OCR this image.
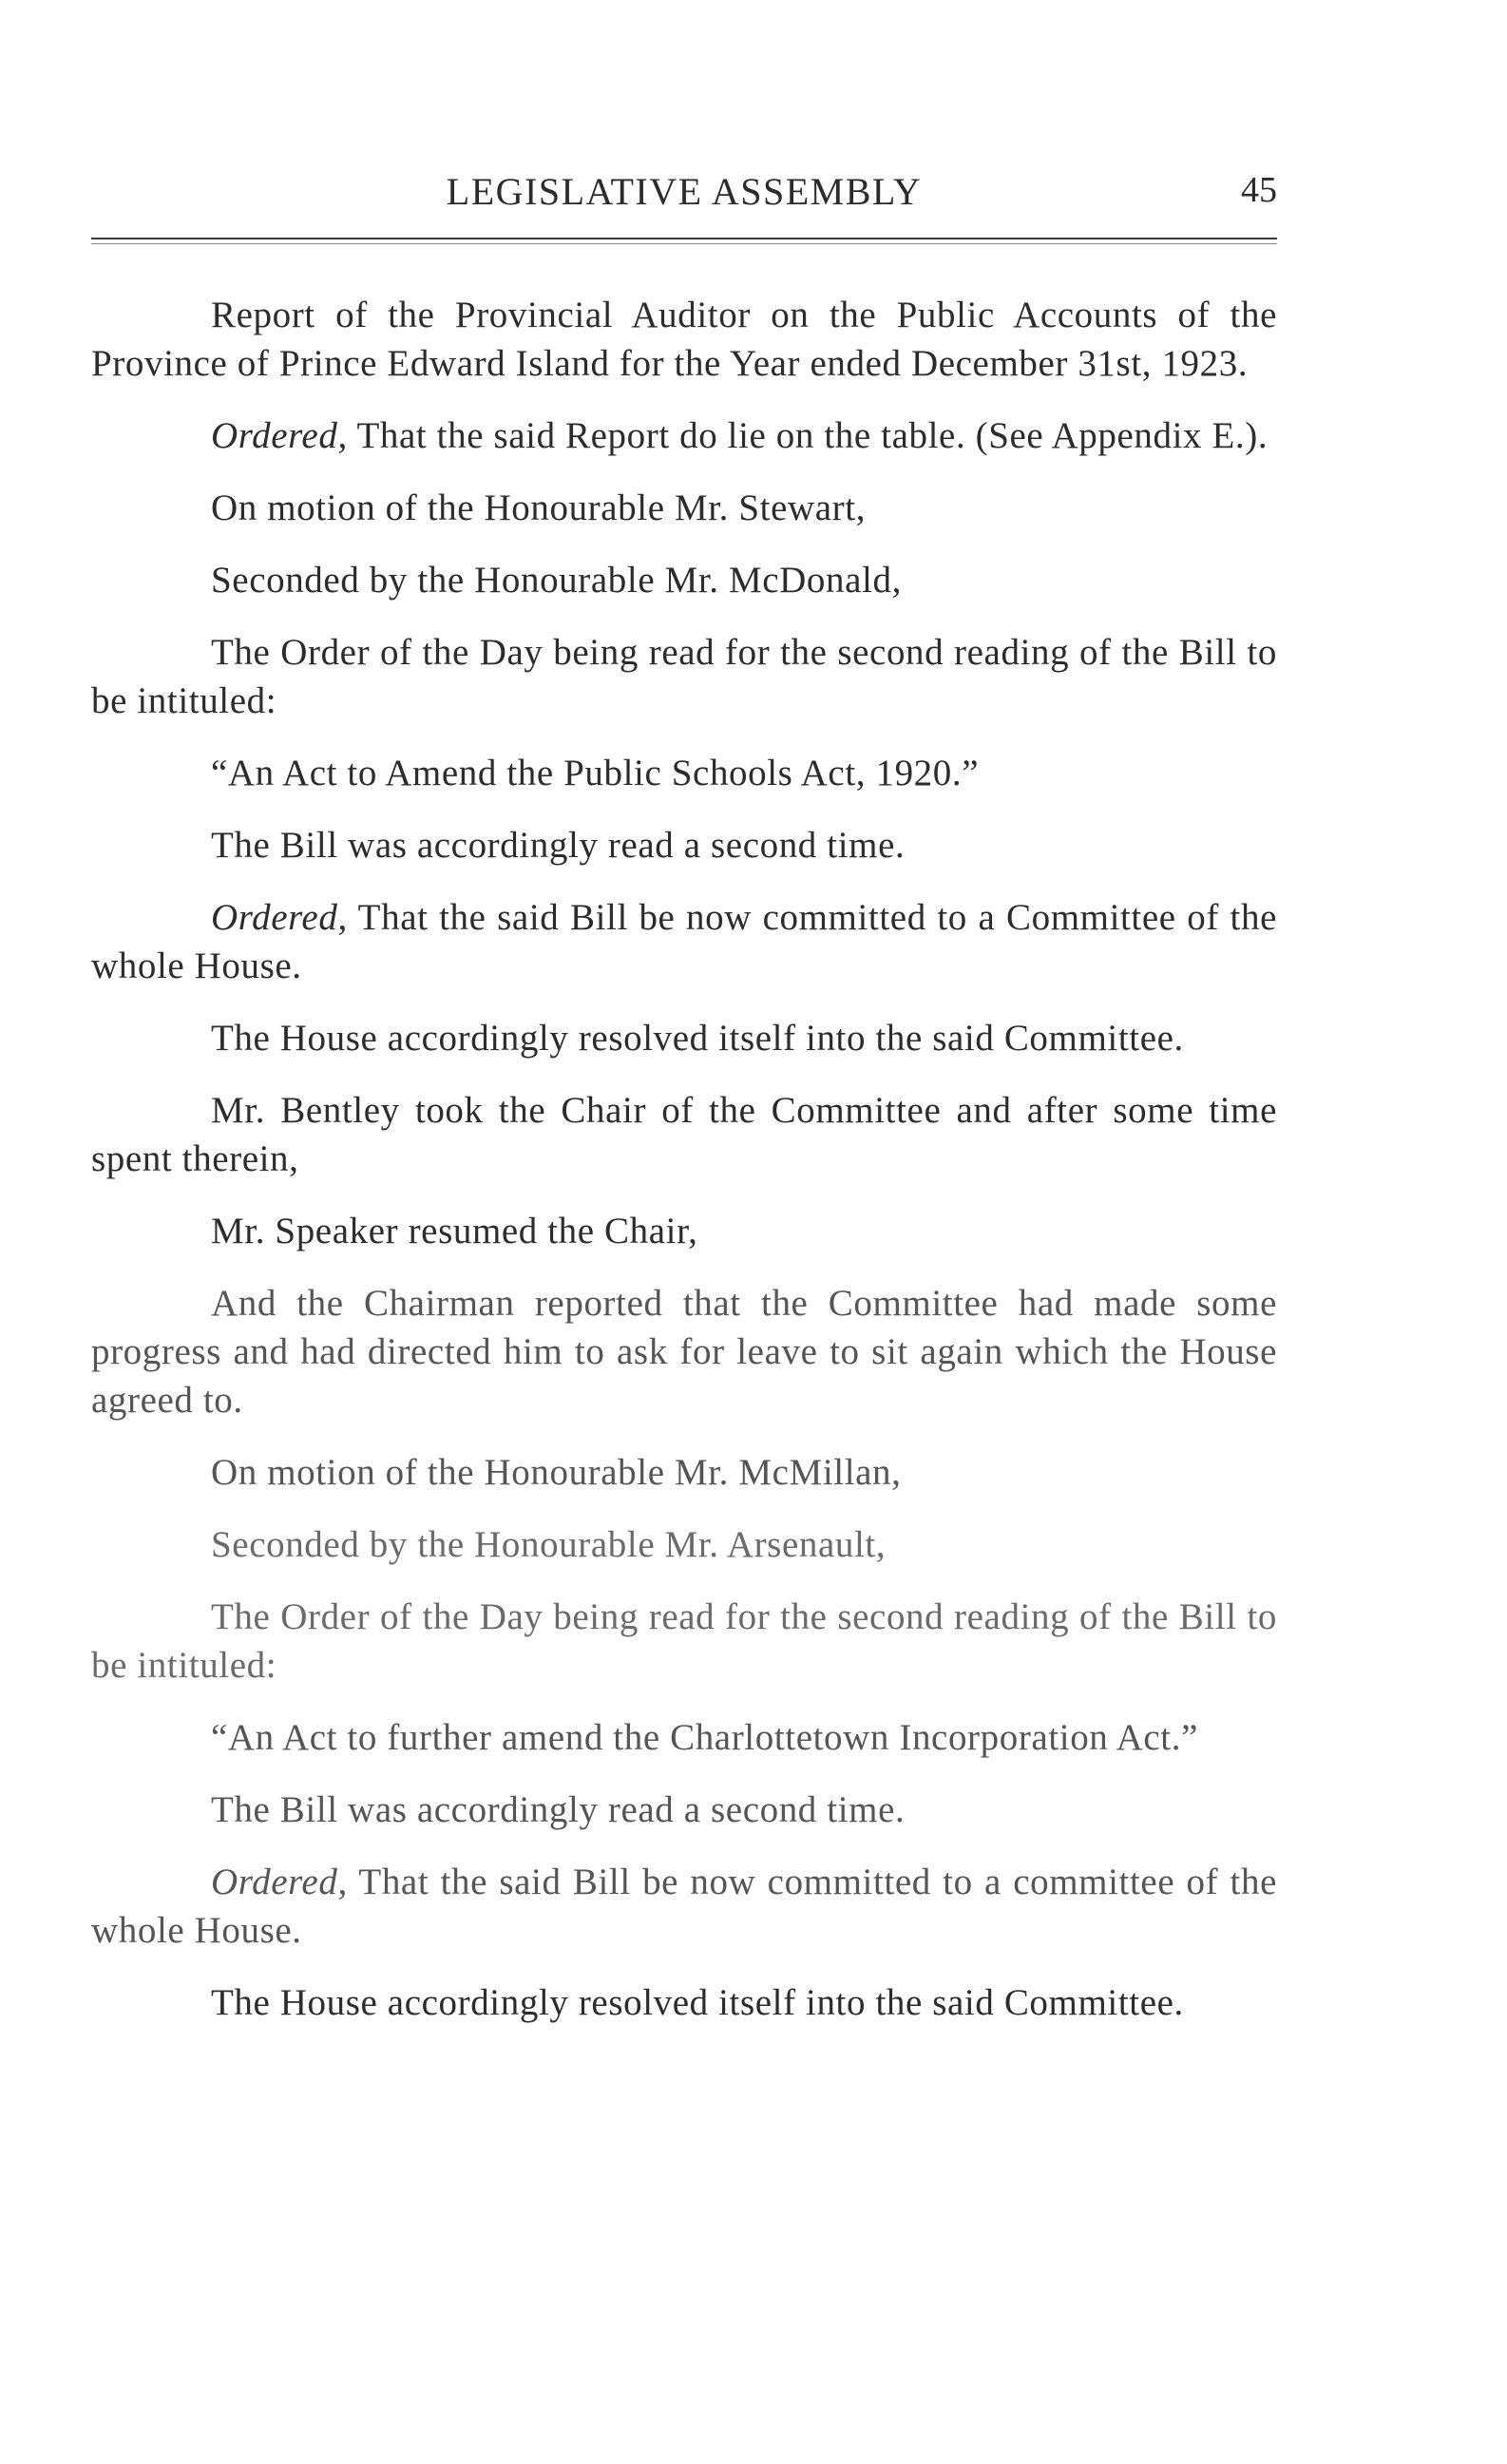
LEGISLATIVE ASSEMBLY	45

Report of the Provincial Auditor on the Public Accounts of the Province of Prince Edward Island for the Year ended December 31st, 1923.

Ordered, That the said Report do lie on the table. (See Appendix E.).

On motion of the Honourable Mr. Stewart,

Seconded by the Honourable Mr. McDonald,

The Order of the Day being read for the second reading of the Bill to be intituled:

“An Act to Amend the Public Schools Act, 1920.”

The Bill was accordingly read a second time.

Ordered, That the said Bill be now committed to a Committee of the whole House.

The House accordingly resolved itself into the said Committee.

Mr. Bentley took the Chair of the Committee and after some time spent therein,

Mr. Speaker resumed the Chair,

And the Chairman reported that the Committee had made some progress and had directed him to ask for leave to sit again which the House agreed to.

On motion of the Honourable Mr. McMillan,

Seconded by the Honourable Mr. Arsenault,

The Order of the Day being read for the second reading of the Bill to be intituled:

“An Act to further amend the Charlottetown Incorporation Act.”

The Bill was accordingly read a second time.

Ordered, That the said Bill be now committed to a committee of the whole House.

The House accordingly resolved itself into the said Committee.
